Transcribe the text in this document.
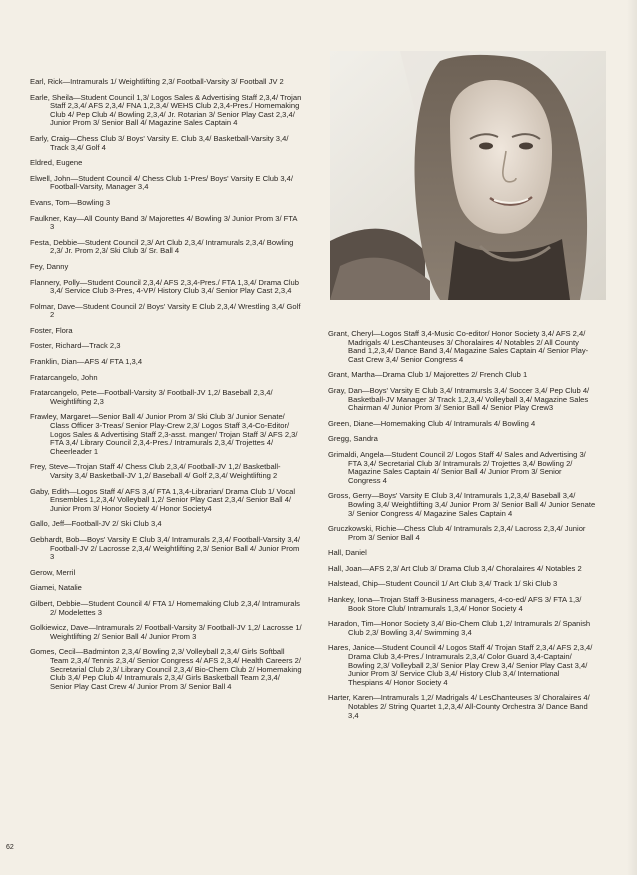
Earl, Rick—Intramurals 1/ Weightlifting 2,3/ Football-Varsity 3/ Football JV 2

Earle, Sheila—Student Council 1,3/ Logos Sales & Advertising Staff 2,3,4/ Trojan Staff 2,3,4/ AFS 2,3,4/ FNA 1,2,3,4/ WEHS Club 2,3,4-Pres./ Homemaking Club 4/ Pep Club 4/ Bowling 2,3,4/ Jr. Rotarian 3/ Senior Play Cast 2,3,4/ Junior Prom 3/ Senior Ball 4/ Magazine Sales Captain 4

Early, Craig—Chess Club 3/ Boys' Varsity E. Club 3,4/ Basketball-Varsity 3,4/ Track 3,4/ Golf 4

Eldred, Eugene

Elwell, John—Student Council 4/ Chess Club 1-Pres/ Boys' Varsity E Club 3,4/ Football-Varsity, Manager 3,4

Evans, Tom—Bowling 3

Faulkner, Kay—All County Band 3/ Majorettes 4/ Bowling 3/ Junior Prom 3/ FTA 3

Festa, Debbie—Student Council 2,3/ Art Club 2,3,4/ Intramurals 2,3,4/ Bowling 2,3/ Jr. Prom 2,3/ Ski Club 3/ Sr. Ball 4

Fey, Danny

Flannery, Polly—Student Council 2,3,4/ AFS 2,3,4-Pres./ FTA 1,3,4/ Drama Club 3,4/ Service Club 3-Pres, 4-VP/ History Club 3,4/ Senior Play Cast 2,3,4

Folmar, Dave—Student Council 2/ Boys' Varsity E Club 2,3,4/ Wrestling 3,4/ Golf 2

Foster, Flora

Foster, Richard—Track 2,3

Franklin, Dian—AFS 4/ FTA 1,3,4

Fratarcangelo, John

Fratarcangelo, Pete—Football-Varsity 3/ Football-JV 1,2/ Baseball 2,3,4/ Weightlifting 2,3

Frawley, Margaret—Senior Ball 4/ Junior Prom 3/ Ski Club 3/ Junior Senate/ Class Officer 3-Treas/ Senior Play-Crew 2,3/ Logos Staff 3,4-Co-Editor/ Logos Sales & Advertising Staff 2,3-asst. manger/ Trojan Staff 3/ AFS 2,3/ FTA 3,4/ Library Council 2,3,4-Pres./ Intramurals 2,3,4/ Trojettes 4/ Cheerleader 1

Frey, Steve—Trojan Staff 4/ Chess Club 2,3,4/ Football-JV 1,2/ Basketball-Varsity 3,4/ Basketball-JV 1,2/ Baseball 4/ Golf 2,3,4/ Weightlifting 2

Gaby, Edith—Logos Staff 4/ AFS 3,4/ FTA 1,3,4-Librarian/ Drama Club 1/ Vocal Ensembles 1,2,3,4/ Volleyball 1,2/ Senior Play Cast 2,3,4/ Senior Ball 4/ Junior Prom 3/ Honor Society 4/ Honor Society4

Gallo, Jeff—Football-JV 2/ Ski Club 3,4

Gebhardt, Bob—Boys' Varsity E Club 3,4/ Intramurals 2,3,4/ Football-Varsity 3,4/ Football-JV 2/ Lacrosse 2,3,4/ Weightlifting 2,3/ Senior Ball 4/ Junior Prom 3

Gerow, Merril

Giamei, Natalie

Gilbert, Debbie—Student Council 4/ FTA 1/ Homemaking Club 2,3,4/ Intramurals 2/ Modelettes 3

Golkiewicz, Dave—Intramurals 2/ Football-Varsity 3/ Football-JV 1,2/ Lacrosse 1/ Weightlifting 2/ Senior Ball 4/ Junior Prom 3

Gomes, Cecil—Badminton 2,3,4/ Bowling 2,3/ Volleyball 2,3,4/ Girls Softball Team 2,3,4/ Tennis 2,3,4/ Senior Congress 4/ AFS 2,3,4/ Health Careers 2/ Secretarial Club 2,3/ Library Council 2,3,4/ Bio-Chem Club 2/ Homemaking Club 3,4/ Pep Club 4/ Intramurals 2,3,4/ Girls Basketball Team 2,3,4/ Senior Play Cast Crew 4/ Junior Prom 3/ Senior Ball 4

Grant, Cheryl—Logos Staff 3,4-Music Co-editor/ Honor Society 3,4/ AFS 2,4/ Madrigals 4/ LesChanteuses 3/ Choralaires 4/ Notables 2/ All County Band 1,2,3,4/ Dance Band 3,4/ Magazine Sales Captain 4/ Senior Play-Cast Crew 3,4/ Senior Congress 4

Grant, Martha—Drama Club 1/ Majorettes 2/ French Club 1

Gray, Dan—Boys' Varsity E Club 3,4/ Intramursls 3,4/ Soccer 3,4/ Pep Club 4/ Basketball-JV Manager 3/ Track 1,2,3,4/ Volleyball 3,4/ Magazine Sales Chairman 4/ Junior Prom 3/ Senior Ball 4/ Senior Play Crew3

Green, Diane—Homemaking Club 4/ Intramurals 4/ Bowling 4

Gregg, Sandra

Grimaldi, Angela—Student Council 2/ Logos Staff 4/ Sales and Advertising 3/ FTA 3,4/ Secretarial Club 3/ Intramurals 2/ Trojettes 3,4/ Bowling 2/ Magazine Sales Captain 4/ Senior Ball 4/ Junior Prom 3/ Senior Congress 4

Gross, Gerry—Boys' Varsity E Club 3,4/ Intramurals 1,2,3,4/ Baseball 3,4/ Bowling 3,4/ Weightlifting 3,4/ Junior Prom 3/ Senior Ball 4/ Junior Senate 3/ Senior Congress 4/ Magazine Sales Captain 4

Gruczkowski, Richie—Chess Club 4/ Intramurals 2,3,4/ Lacross 2,3,4/ Junior Prom 3/ Senior Ball 4

Hall, Daniel

Hall, Joan—AFS 2,3/ Art Club 3/ Drama Club 3,4/ Choralaires 4/ Notables 2

Halstead, Chip—Student Council 1/ Art Club 3,4/ Track 1/ Ski Club 3

Hankey, Iona—Trojan Staff 3-Business managers, 4-co-ed/ AFS 3/ FTA 1,3/ Book Store Club/ Intramurals 1,3,4/ Honor Society 4

Haradon, Tim—Honor Society 3,4/ Bio-Chem Club 1,2/ Intramurals 2/ Spanish Club 2,3/ Bowling 3,4/ Swimming 3,4

Hares, Janice—Student Council 4/ Logos Staff 4/ Trojan Staff 2,3,4/ AFS 2,3,4/ Drama Club 3,4-Pres./ Intramurals 2,3,4/ Color Guard 3,4-Captain/ Bowling 2,3/ Volleyball 2,3/ Senior Play Crew 3,4/ Senior Play Cast 3,4/ Junior Prom 3/ Service Club 3,4/ History Club 3,4/ International Thespians 4/ Honor Society 4

Harter, Karen—Intramurals 1,2/ Madrigals 4/ LesChanteuses 3/ Choralaires 4/ Notables 2/ String Quartet 1,2,3,4/ All-County Orchestra 3/ Dance Band 3,4

62
